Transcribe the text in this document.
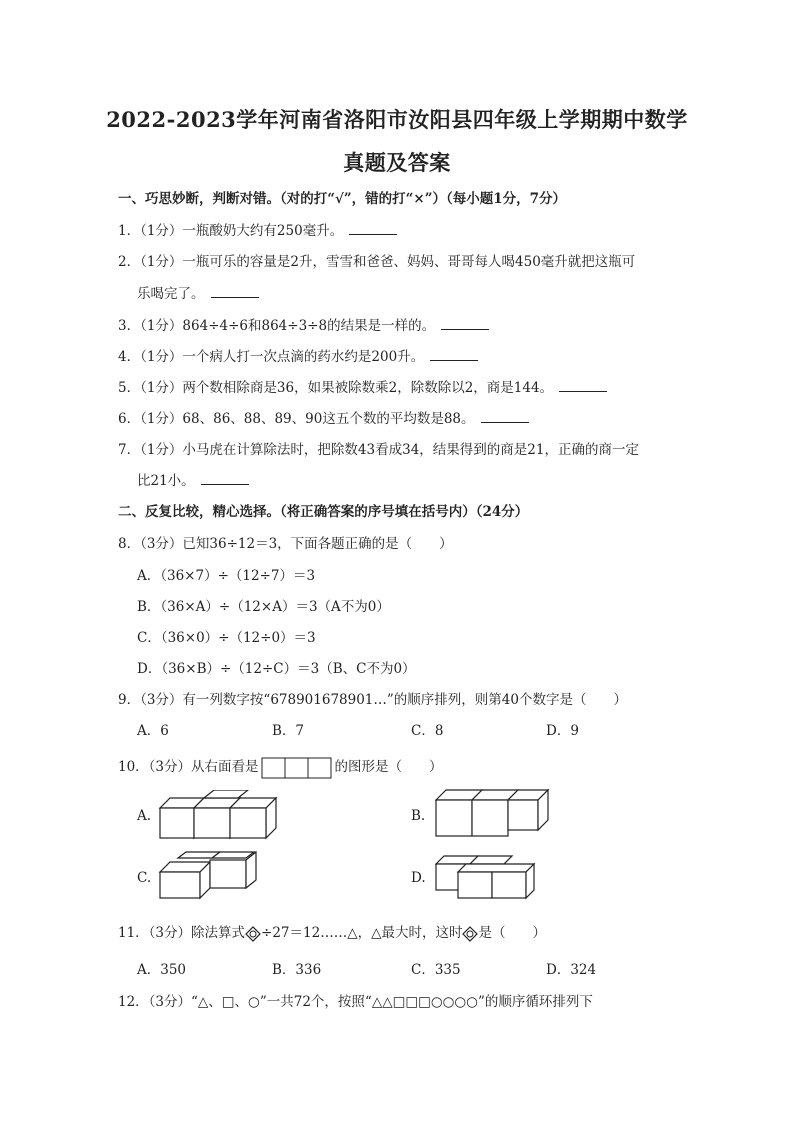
2022-2023学年河南省洛阳市汝阳县四年级上学期期中数学
真题及答案
一、巧思妙断，判断对错。（对的打“√”，错的打“×”）（每小题1分，7分）
1．（1分）一瓶酸奶大约有250毫升。
2．（1分）一瓶可乐的容量是2升，雪雪和爸爸、妈妈、哥哥每人喝450毫升就把这瓶可
乐喝完了。
3．（1分）864÷4÷6和864÷3÷8的结果是一样的。
4．（1分）一个病人打一次点滴的药水约是200升。
5．（1分）两个数相除商是36，如果被除数乘2，除数除以2，商是144。
6．（1分）68、86、88、89、90这五个数的平均数是88。
7．（1分）小马虎在计算除法时，把除数43看成34，结果得到的商是21，正确的商一定
比21小。
二、反复比较，精心选择。（将正确答案的序号填在括号内）（24分）
8．（3分）已知36÷12＝3，下面各题正确的是（　　）
A．（36×7）÷（12÷7）＝3
B．（36×A）÷（12×A）＝3（A不为0）
C．（36×0）÷（12÷0）＝3
D．（36×B）÷（12÷C）＝3（B、C不为0）
9．（3分）有一列数字按“678901678901…”的顺序排列，则第40个数字是（　　）
A．6	B．7	C．8	D．9
10．（3分）从右面看是	的图形是（　　）
A.	B.
C.	D.
11．（3分）除法算式 ÷27＝12……△，△最大时，这时 是（　　）
A．350	B．336	C．335	D．324
12．（3分）“△、□、○”一共72个，按照“△△□□□○○○○”的顺序循环排列下
